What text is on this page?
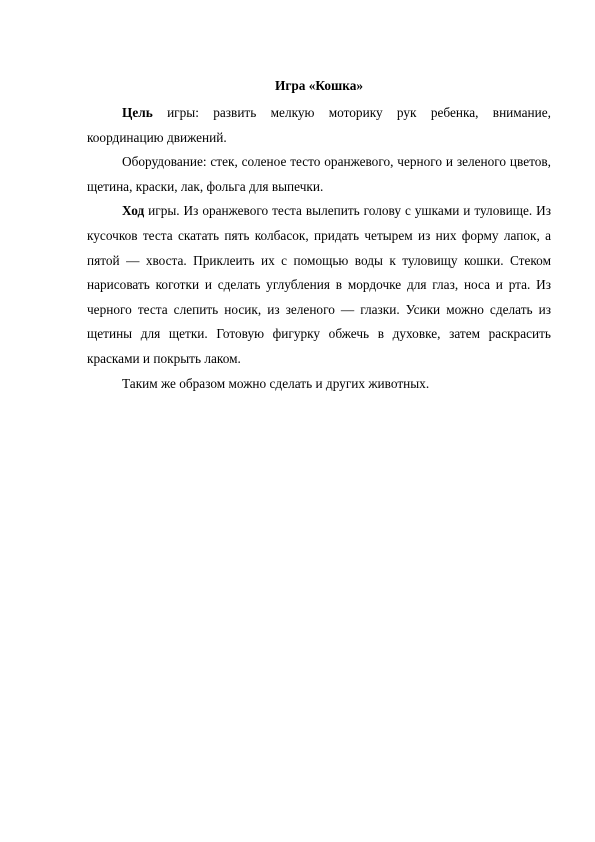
Игра «Кошка»

Цель игры: развить мелкую моторику рук ребенка, внимание, координацию движений.

Оборудование: стек, соленое тесто оранжевого, черного и зеленого цветов, щетина, краски, лак, фольга для выпечки.

Ход игры. Из оранжевого теста вылепить голову с ушками и туловище. Из кусочков теста скатать пять колбасок, придать четырем из них форму лапок, а пятой — хвоста. Приклеить их с помощью воды к туловищу кошки. Стеком нарисовать коготки и сделать углубления в мордочке для глаз, носа и рта. Из черного теста слепить носик, из зеленого — глазки. Усики можно сделать из щетины для щетки. Готовую фигурку обжечь в духовке, затем раскрасить красками и покрыть лаком.

Таким же образом можно сделать и других животных.
